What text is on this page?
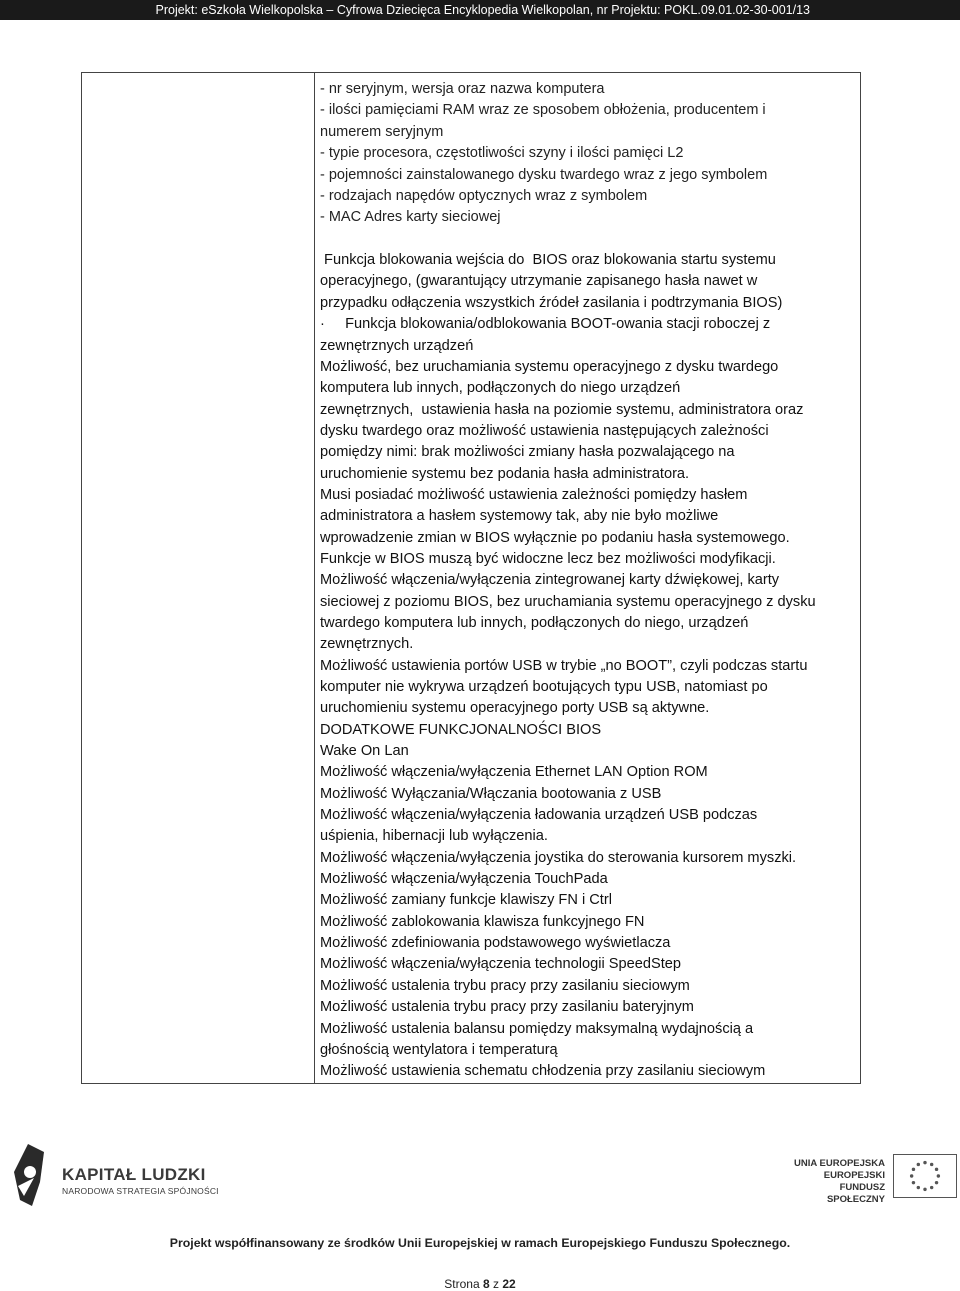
Projekt: eSzkoła Wielkopolska – Cyfrowa Dziecięca Encyklopedia Wielkopolan, nr Projektu: POKL.09.01.02-30-001/13
- nr seryjnym, wersja oraz nazwa komputera
- ilości pamięciami RAM wraz ze sposobem obłożenia, producentem i
numerem seryjnym
- typie procesora, częstotliwości szyny i ilości pamięci L2
- pojemności zainstalowanego dysku twardego wraz z jego symbolem
- rodzajach napędów optycznych wraz z symbolem
- MAC Adres karty sieciowej
Funkcja blokowania wejścia do  BIOS oraz blokowania startu systemu
operacyjnego, (gwarantujący utrzymanie zapisanego hasła nawet w
przypadku odłączenia wszystkich źródeł zasilania i podtrzymania BIOS)
·     Funkcja blokowania/odblokowania BOOT-owania stacji roboczej z
zewnętrznych urządzeń
Możliwość, bez uruchamiania systemu operacyjnego z dysku twardego
komputera lub innych, podłączonych do niego urządzeń
zewnętrznych,  ustawienia hasła na poziomie systemu, administratora oraz
dysku twardego oraz możliwość ustawienia następujących zależności
pomiędzy nimi: brak możliwości zmiany hasła pozwalającego na
uruchomienie systemu bez podania hasła administratora.
Musi posiadać możliwość ustawienia zależności pomiędzy hasłem
administratora a hasłem systemowy tak, aby nie było możliwe
wprowadzenie zmian w BIOS wyłącznie po podaniu hasła systemowego.
Funkcje w BIOS muszą być widoczne lecz bez możliwości modyfikacji.
Możliwość włączenia/wyłączenia zintegrowanej karty dźwiękowej, karty
sieciowej z poziomu BIOS, bez uruchamiania systemu operacyjnego z dysku
twardego komputera lub innych, podłączonych do niego, urządzeń
zewnętrznych.
Możliwość ustawienia portów USB w trybie „no BOOT”, czyli podczas startu
komputer nie wykrywa urządzeń bootujących typu USB, natomiast po
uruchomieniu systemu operacyjnego porty USB są aktywne.
DODATKOWE FUNKCJONALNOŚCI BIOS
Wake On Lan
Możliwość włączenia/wyłączenia Ethernet LAN Option ROM
Możliwość Wyłączania/Włączania bootowania z USB
Możliwość włączenia/wyłączenia ładowania urządzeń USB podczas
uśpienia, hibernacji lub wyłączenia.
Możliwość włączenia/wyłączenia joystika do sterowania kursorem myszki.
Możliwość włączenia/wyłączenia TouchPada
Możliwość zamiany funkcje klawiszy FN i Ctrl
Możliwość zablokowania klawisza funkcyjnego FN
Możliwość zdefiniowania podstawowego wyświetlacza
Możliwość włączenia/wyłączenia technologii SpeedStep
Możliwość ustalenia trybu pracy przy zasilaniu sieciowym
Możliwość ustalenia trybu pracy przy zasilaniu bateryjnym
Możliwość ustalenia balansu pomiędzy maksymalną wydajnością a
głośnością wentylatora i temperaturą
Możliwość ustawienia schematu chłodzenia przy zasilaniu sieciowym
KAPITAŁ LUDZKI
NARODOWA STRATEGIA SPÓJNOŚCI
UNIA EUROPEJSKA
EUROPEJSKI
FUNDUSZ SPOŁECZNY
Projekt współfinansowany ze środków Unii Europejskiej w ramach Europejskiego Funduszu Społecznego.
Strona 8 z 22
